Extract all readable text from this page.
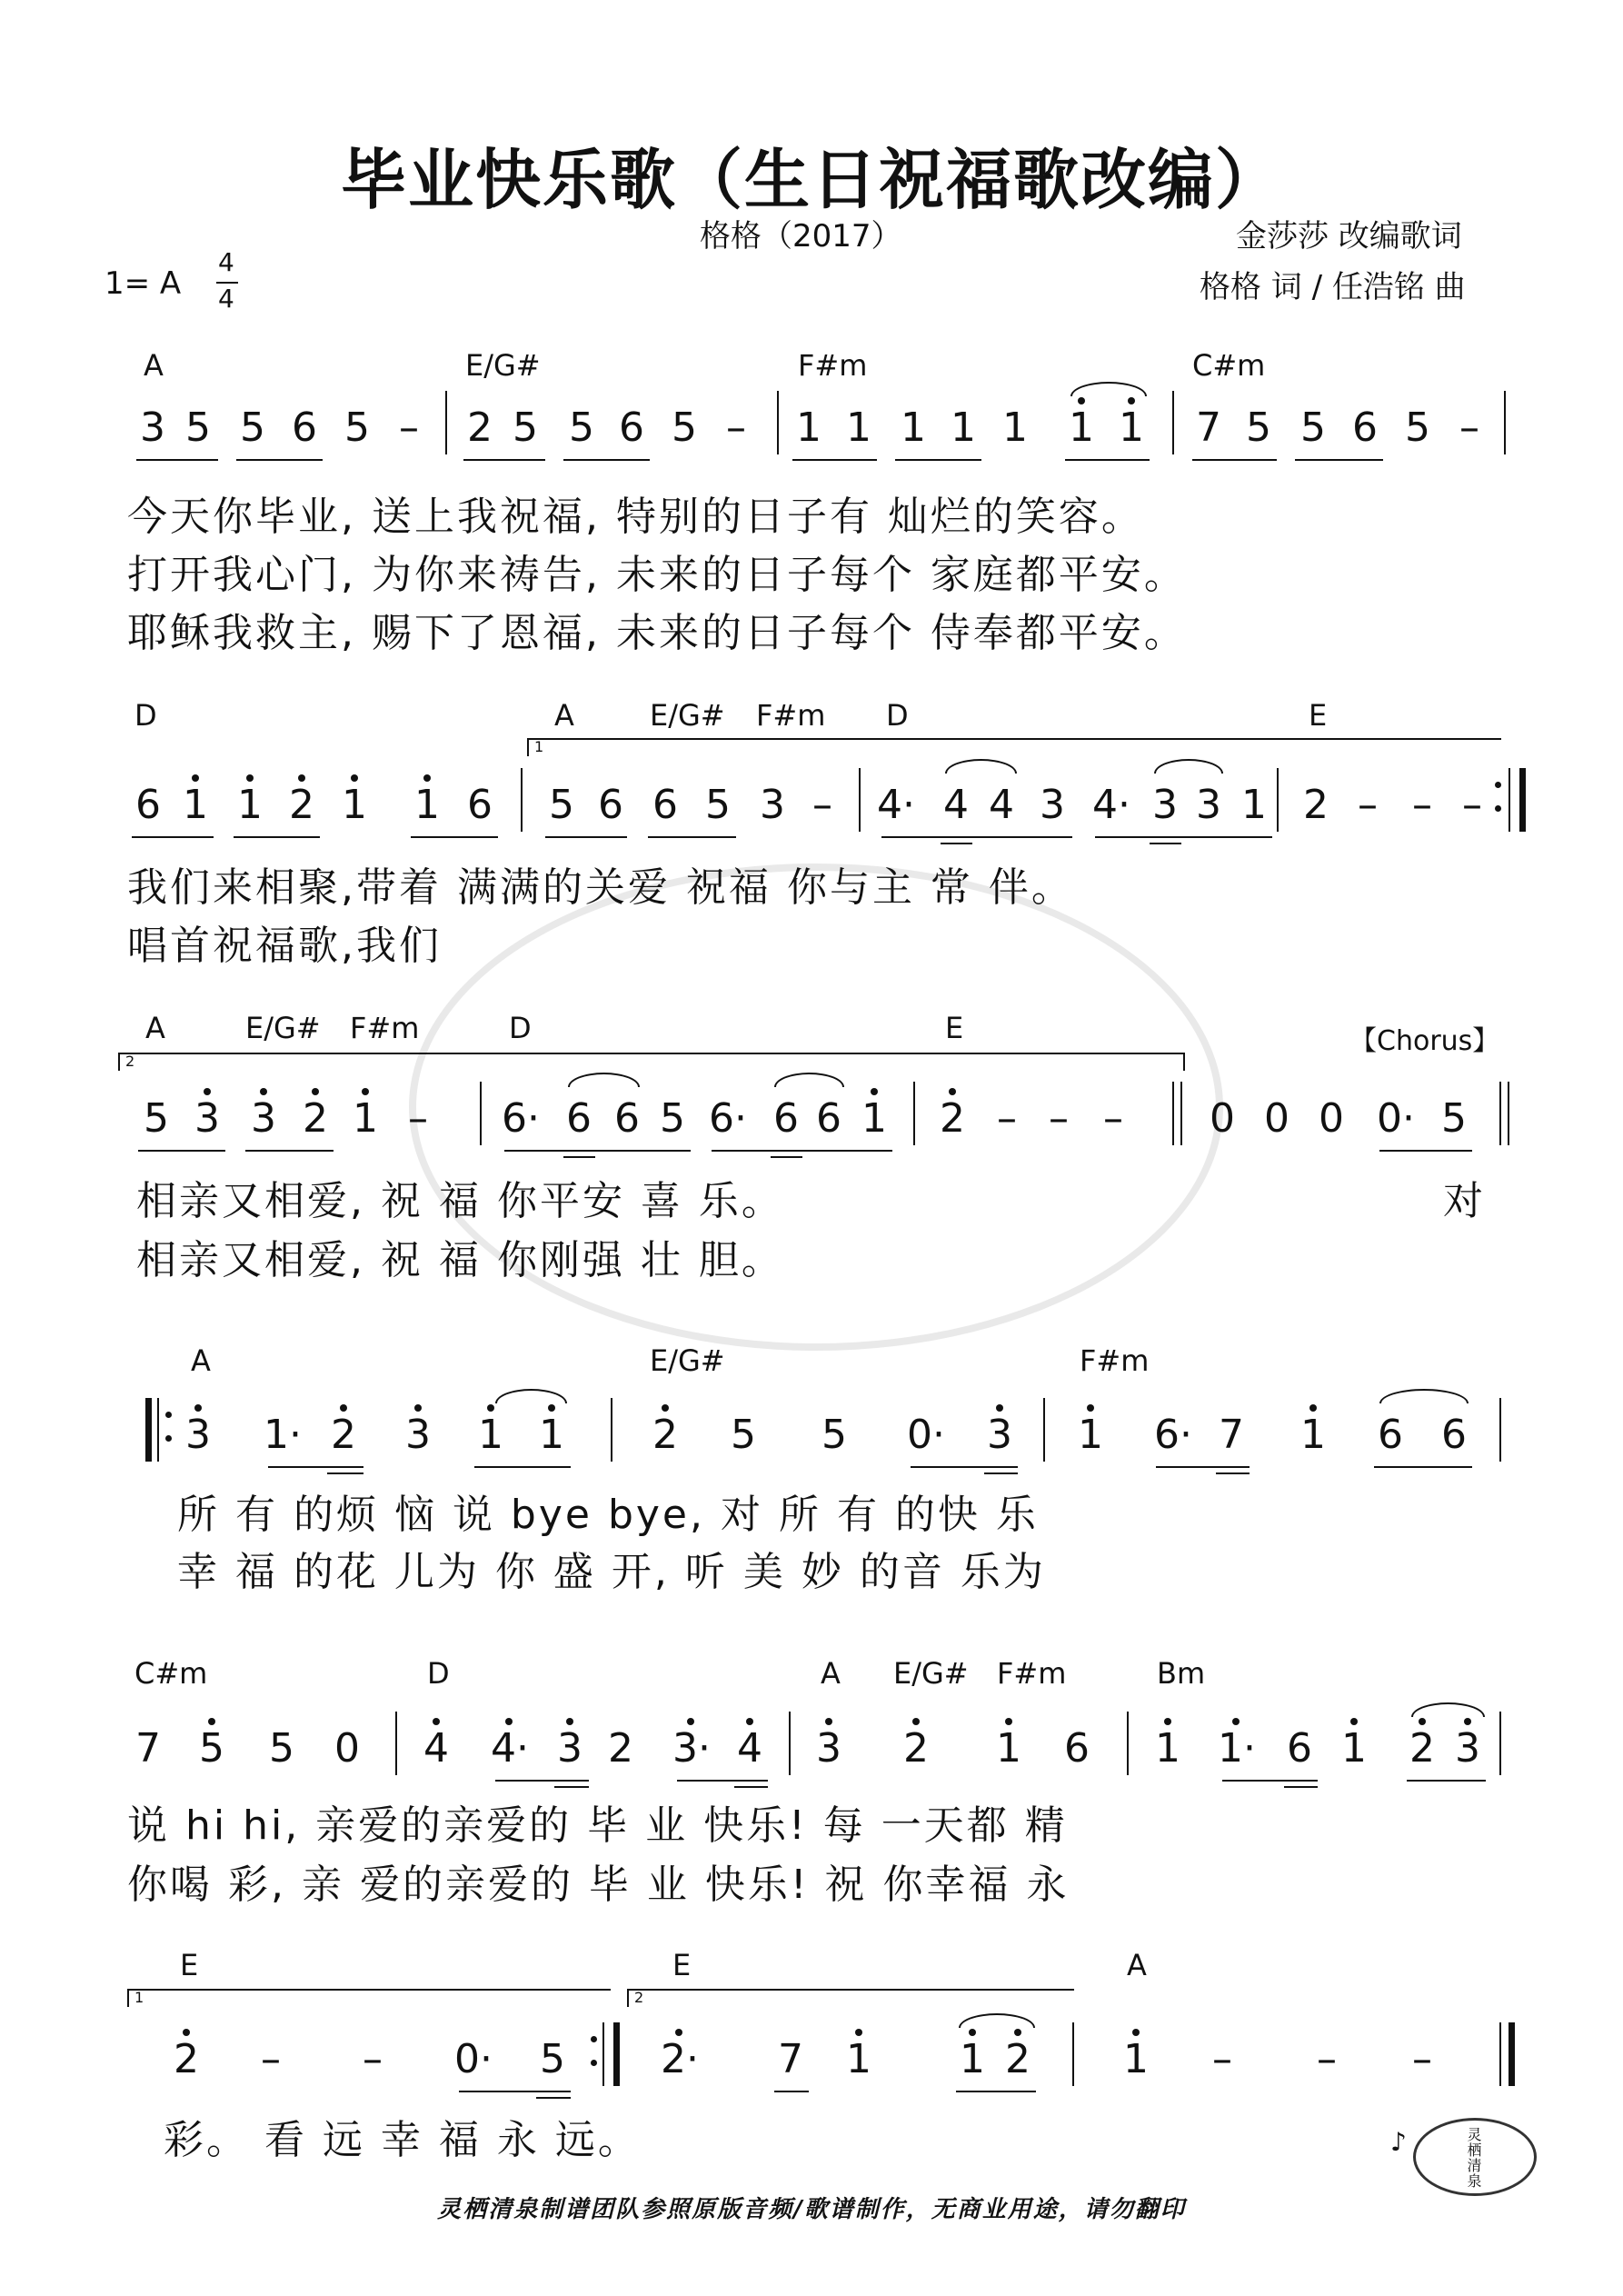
毕业快乐歌（生日祝福歌改编）
格格（2017）	金莎莎 改编歌词
格格 词 / 任浩铭 曲
1= A
4
4
A	E/G#	F#m	C#m
今天你毕业, 送上我祝福, 特别的日子有 灿烂的笑容。
打开我心门, 为你来祷告, 未来的日子每个 家庭都平安。
耶稣我救主, 赐下了恩福, 未来的日子每个 侍奉都平安。
D	A	E/G# F#m D	E
1
我们来相聚,带着 满满的关爱 祝福 你与主 常 伴。
唱首祝福歌,我们
A	E/G# F#m	D	E	【Chorus】
2
相亲又相爱, 祝 福 你平安 喜 乐。
相亲又相爱, 祝 福 你刚强 壮 胆。
对
A	E/G#	F#m
所 有 的烦 恼 说 bye bye, 对 所 有 的快 乐
幸 福 的花 儿为 你 盛 开, 听 美 妙 的音 乐为
C#m	D	A E/G# F#m	Bm
说 hi hi, 亲爱的亲爱的 毕 业 快乐! 每 一天都 精
你喝 彩, 亲 爱的亲爱的 毕 业 快乐! 祝 你幸福 永
E	E	A
1	2
彩。 看 远 幸 福 永 远。
3 5 5 6 5 – 2 5 5 6 5 – 1 1 1 1 1 1 1 7 5 5 6 5 –
6 1 1 2 1 1 6 5 6 6 5 3 – 4· 4 4 3 4· 3 3 1 2 – – –
5 3 3 2 1 – 6· 6 6 5 6· 6 6 1 2 – – – 0 0 0 0· 5
3 1· 2 3 1 1 2 5 5 0· 3 1 6· 7 1 6 6
7 5 5 0 4 4· 3 2 3· 4 3 2 1 6 1 1· 6 1 2 3
2 – – 0· 5 2· 7 1 1 2 1 – – –
灵栖清泉
♪
灵栖清泉制谱团队参照原版音频/歌谱制作，无商业用途，请勿翻印
